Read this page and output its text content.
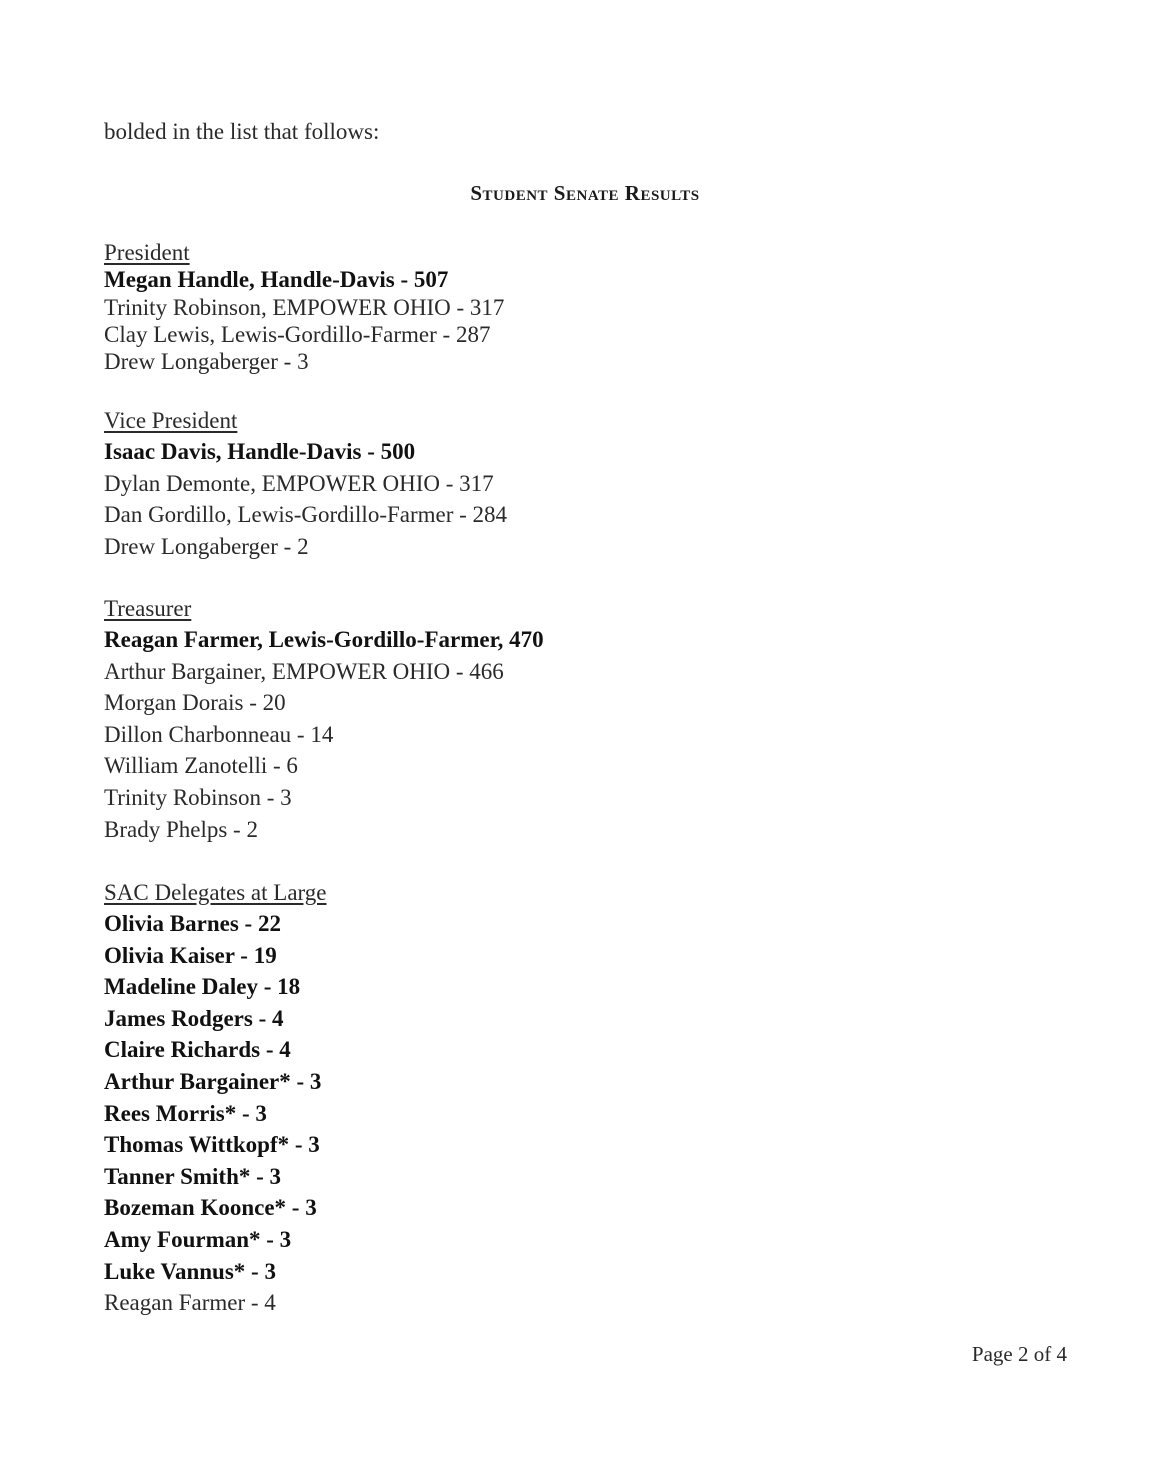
bolded in the list that follows:
Student Senate Results
President
Megan Handle, Handle-Davis - 507
Trinity Robinson, EMPOWER OHIO - 317
Clay Lewis, Lewis-Gordillo-Farmer - 287
Drew Longaberger - 3
Vice President
Isaac Davis, Handle-Davis - 500
Dylan Demonte, EMPOWER OHIO - 317
Dan Gordillo, Lewis-Gordillo-Farmer - 284
Drew Longaberger - 2
Treasurer
Reagan Farmer, Lewis-Gordillo-Farmer, 470
Arthur Bargainer, EMPOWER OHIO - 466
Morgan Dorais - 20
Dillon Charbonneau - 14
William Zanotelli - 6
Trinity Robinson - 3
Brady Phelps - 2
SAC Delegates at Large
Olivia Barnes - 22
Olivia Kaiser - 19
Madeline Daley - 18
James Rodgers - 4
Claire Richards - 4
Arthur Bargainer* - 3
Rees Morris* - 3
Thomas Wittkopf* - 3
Tanner Smith* - 3
Bozeman Koonce* - 3
Amy Fourman* - 3
Luke Vannus* - 3
Reagan Farmer - 4
Page 2 of 4
